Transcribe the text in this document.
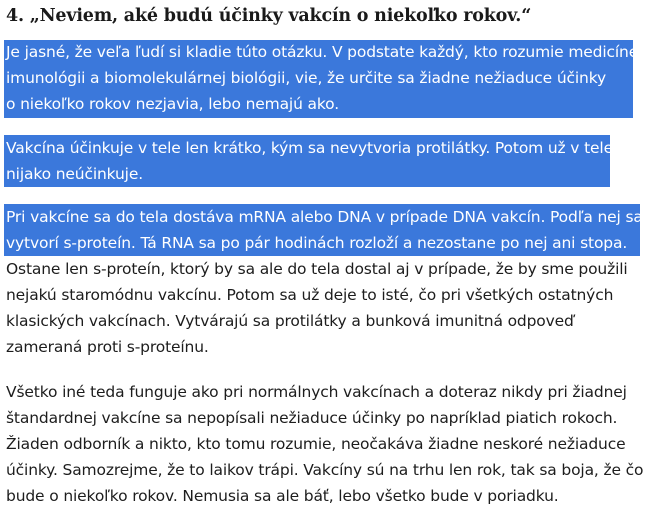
4. „Neviem, aké budú účinky vakcín o niekoľko rokov.“

Je jasné, že veľa ľudí si kladie túto otázku. V podstate každý, kto rozumie medicíne,
imunológii a biomolekulárnej biológii, vie, že určite sa žiadne nežiaduce účinky
o niekoľko rokov nezjavia, lebo nemajú ako.

Vakcína účinkuje v tele len krátko, kým sa nevytvoria protilátky. Potom už v tele
nijako neúčinkuje.

Pri vakcíne sa do tela dostáva mRNA alebo DNA v prípade DNA vakcín. Podľa nej sa
vytvorí s-proteín. Tá RNA sa po pár hodinách rozloží a nezostane po nej ani stopa.
Ostane len s-proteín, ktorý by sa ale do tela dostal aj v prípade, že by sme použili
nejakú staromódnu vakcínu. Potom sa už deje to isté, čo pri všetkých ostatných
klasických vakcínach. Vytvárajú sa protilátky a bunková imunitná odpoveď
zameraná proti s-proteínu.

Všetko iné teda funguje ako pri normálnych vakcínach a doteraz nikdy pri žiadnej
štandardnej vakcíne sa nepopísali nežiaduce účinky po napríklad piatich rokoch.
Žiaden odborník a nikto, kto tomu rozumie, neočakáva žiadne neskoré nežiaduce
účinky. Samozrejme, že to laikov trápi. Vakcíny sú na trhu len rok, tak sa boja, že čo
bude o niekoľko rokov. Nemusia sa ale báť, lebo všetko bude v poriadku.
